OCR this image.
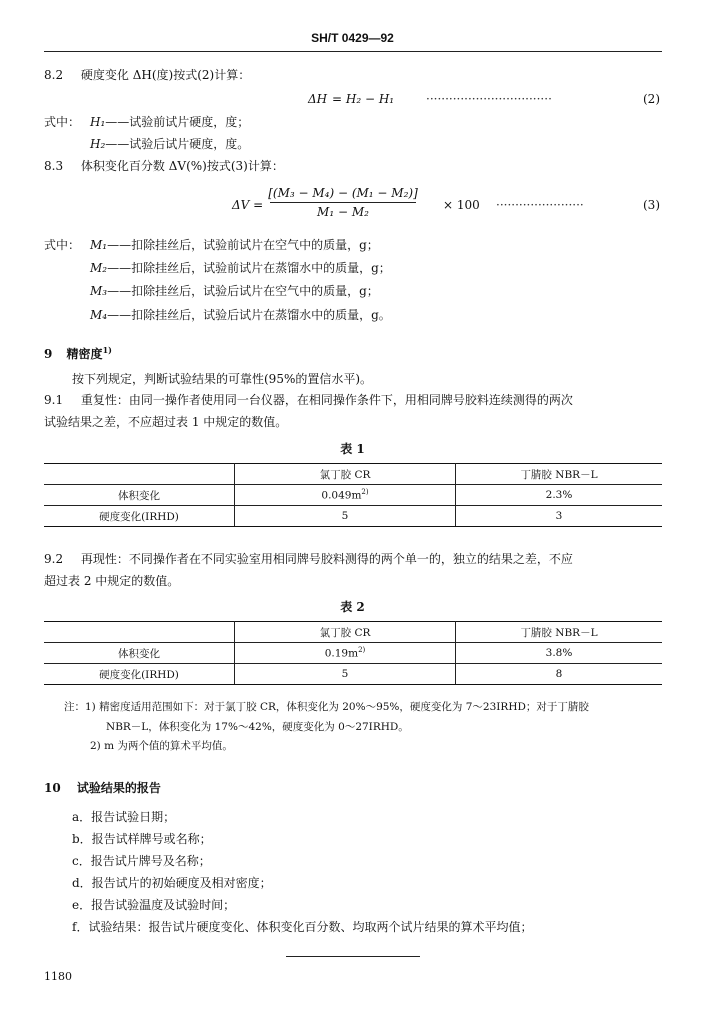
SH/T 0429—92
8.2 硬度变化 ΔH(度)按式(2)计算：
ΔH = H₂ − H₁	·································	(2)
式中： H₁——试验前试片硬度，度；
H₂——试验后试片硬度，度。
8.3 体积变化百分数 ΔV(%)按式(3)计算：
ΔV =
[(M₃ − M₄) − (M₁ − M₂)]
M₁ − M₂	× 100 ·······················	(3)
式中： M₁——扣除挂丝后，试验前试片在空气中的质量，g；
M₂——扣除挂丝后，试验前试片在蒸馏水中的质量，g；
M₃——扣除挂丝后，试验后试片在空气中的质量，g；
M₄——扣除挂丝后，试验后试片在蒸馏水中的质量，g。
9 精密度$^{1)}$
按下列规定，判断试验结果的可靠性(95%的置信水平)。
9.1 重复性：由同一操作者使用同一台仪器，在相同操作条件下，用相同牌号胶料连续测得的两次
试验结果之差，不应超过表 1 中规定的数值。
表 1
	氯丁胶 CR	丁腈胶 NBR－L
体积变化	$0.049m^{2)}$	2.3%
硬度变化(IRHD)	5	3
9.2 再现性：不同操作者在不同实验室用相同牌号胶料测得的两个单一的，独立的结果之差，不应
超过表 2 中规定的数值。
表 2
	氯丁胶 CR	丁腈胶 NBR－L
体积变化	$0.19m^{2)}$	3.8%
硬度变化(IRHD)	5	8
注：1) 精密度适用范围如下：对于氯丁胶 CR，体积变化为 20%～95%，硬度变化为 7～23IRHD；对于丁腈胶
NBR－L，体积变化为 17%～42%，硬度变化为 0～27IRHD。
2) m 为两个值的算术平均值。
10 试验结果的报告
a．报告试验日期；
b．报告试样牌号或名称；
c．报告试片牌号及名称；
d．报告试片的初始硬度及相对密度；
e．报告试验温度及试验时间；
f．试验结果：报告试片硬度变化、体积变化百分数、均取两个试片结果的算术平均值；
1180
